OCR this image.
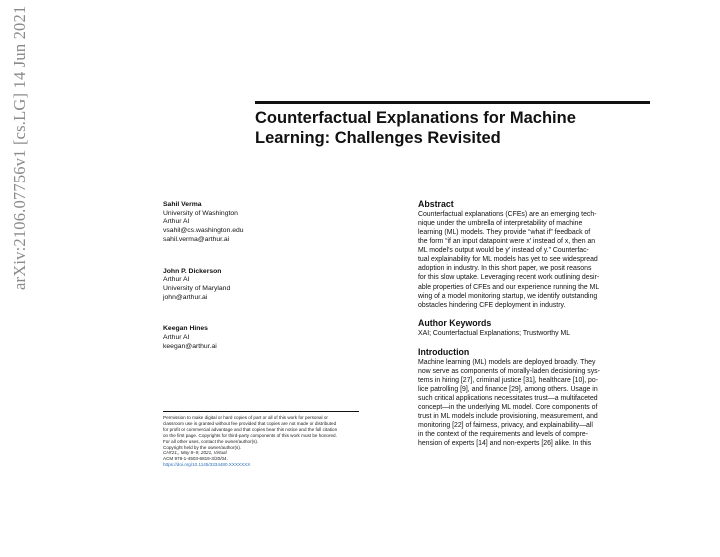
arXiv:2106.07756v1 [cs.LG] 14 Jun 2021	Counterfactual Explanations for Machine
Learning: Challenges Revisited
Sahil Verma
University of Washington
Arthur AI
vsahil@cs.washington.edu
sahil.verma@arthur.ai
John P. Dickerson
Arthur AI
University of Maryland
john@arthur.ai
Keegan Hines
Arthur AI
keegan@arthur.ai
Permission to make digital or hard copies of part or all of this work for personal or
classroom use is granted without fee provided that copies are not made or distributed
for profit or commercial advantage and that copies bear this notice and the full citation
on the first page. Copyrights for third-party components of this work must be honored.
For all other uses, contact the owner/author(s).
Copyright held by the owner/author(s).
CHI'21,, May 8–9, 2021, Virtual
ACM 978-1-4503-6819-3/20/04.
https://doi.org/10.1145/3334480.XXXXXXX
Abstract

Counterfactual explanations (CFEs) are an emerging tech-
nique under the umbrella of interpretability of machine
learning (ML) models. They provide “what if” feedback of
the form “if an input datapoint were x′ instead of x, then an
ML model’s output would be y′ instead of y.” Counterfac-
tual explainability for ML models has yet to see widespread
adoption in industry. In this short paper, we posit reasons
for this slow uptake. Leveraging recent work outlining desir-
able properties of CFEs and our experience running the ML
wing of a model monitoring startup, we identify outstanding
obstacles hindering CFE deployment in industry.

Author Keywords

XAI; Counterfactual Explanations; Trustworthy ML

Introduction

Machine learning (ML) models are deployed broadly. They
now serve as components of morally-laden decisioning sys-
tems in hiring [27], criminal justice [31], healthcare [10], po-
lice patrolling [9], and finance [29], among others. Usage in
such critical applications necessitates trust—a multifaceted
concept—in the underlying ML model. Core components of
trust in ML models include provisioning, measurement, and
monitoring [22] of fairness, privacy, and explainability—all
in the context of the requirements and levels of compre-
hension of experts [14] and non-experts [26] alike. In this
